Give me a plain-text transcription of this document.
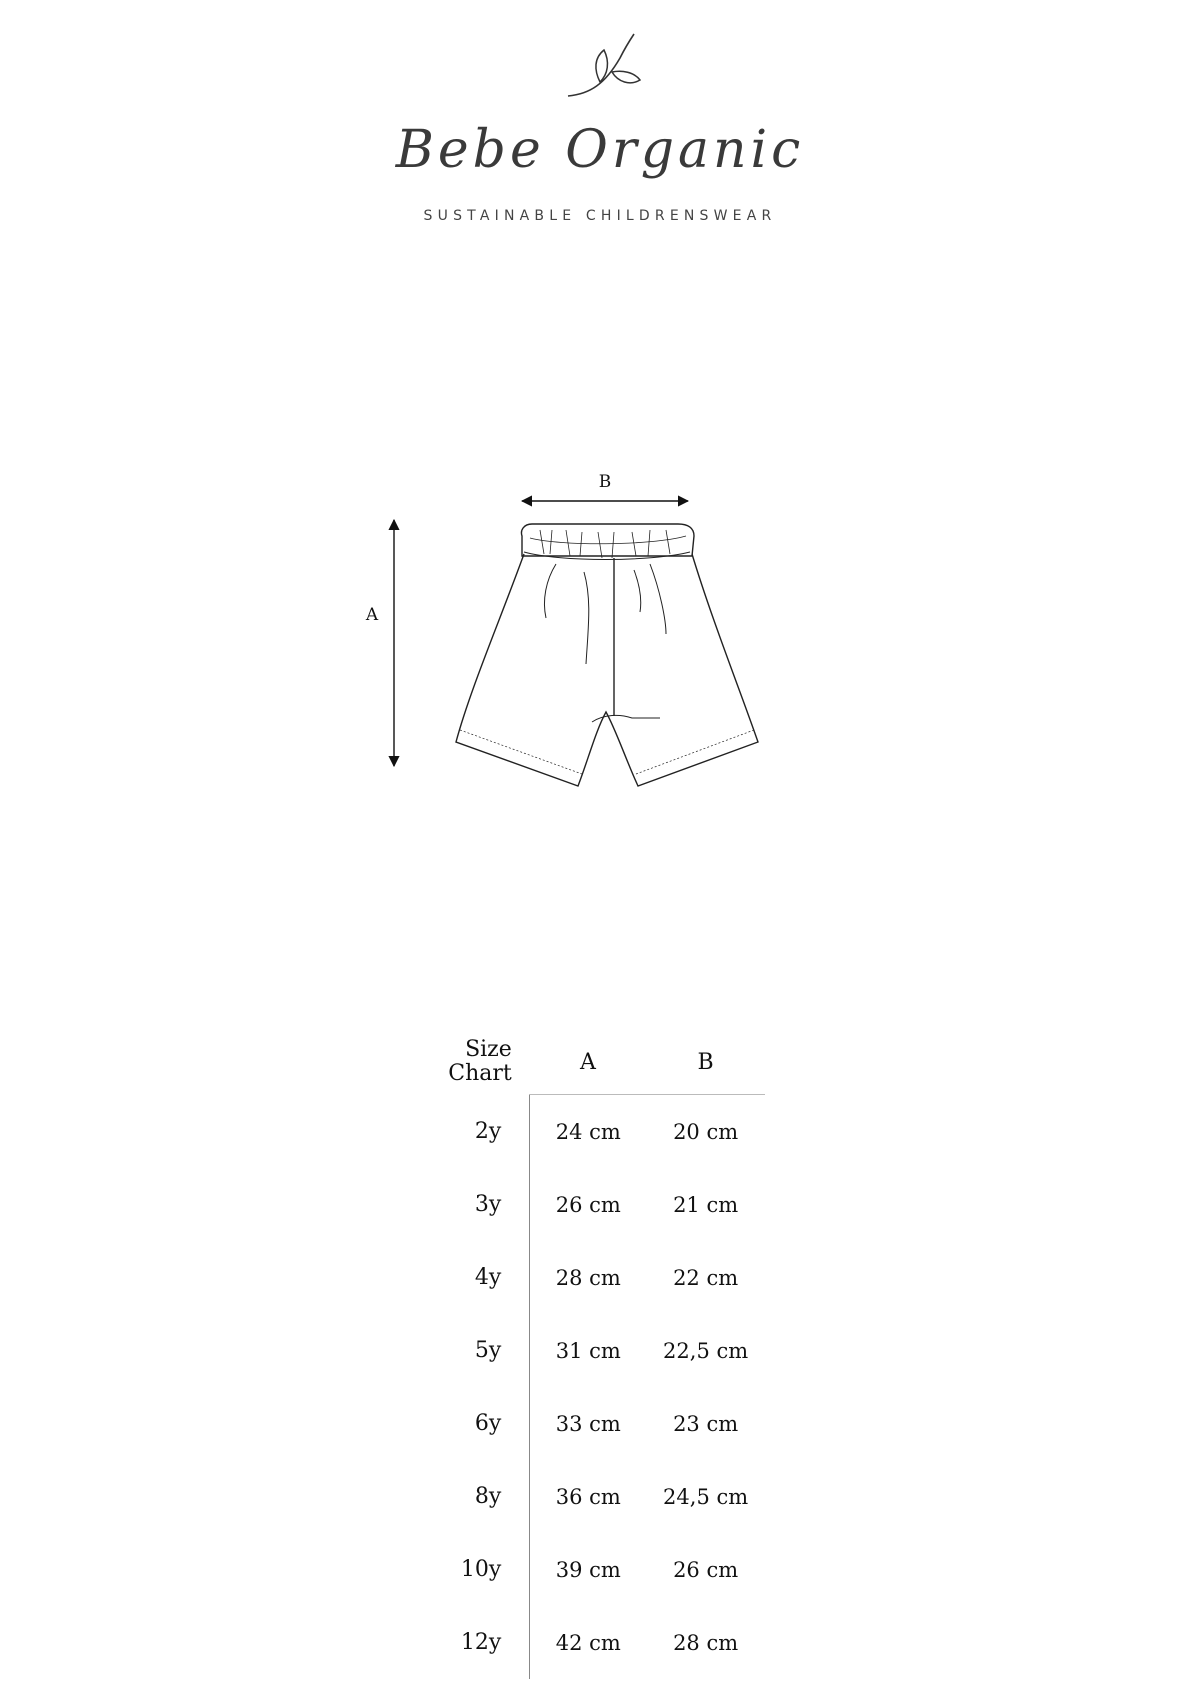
Bebe Organic
SUSTAINABLE CHILDRENSWEAR
B
A
Size
Chart	A	B
2y	24 cm	20 cm
3y	26 cm	21 cm
4y	28 cm	22 cm
5y	31 cm	22,5 cm
6y	33 cm	23 cm
8y	36 cm	24,5 cm
10y	39 cm	26 cm
12y	42 cm	28 cm
